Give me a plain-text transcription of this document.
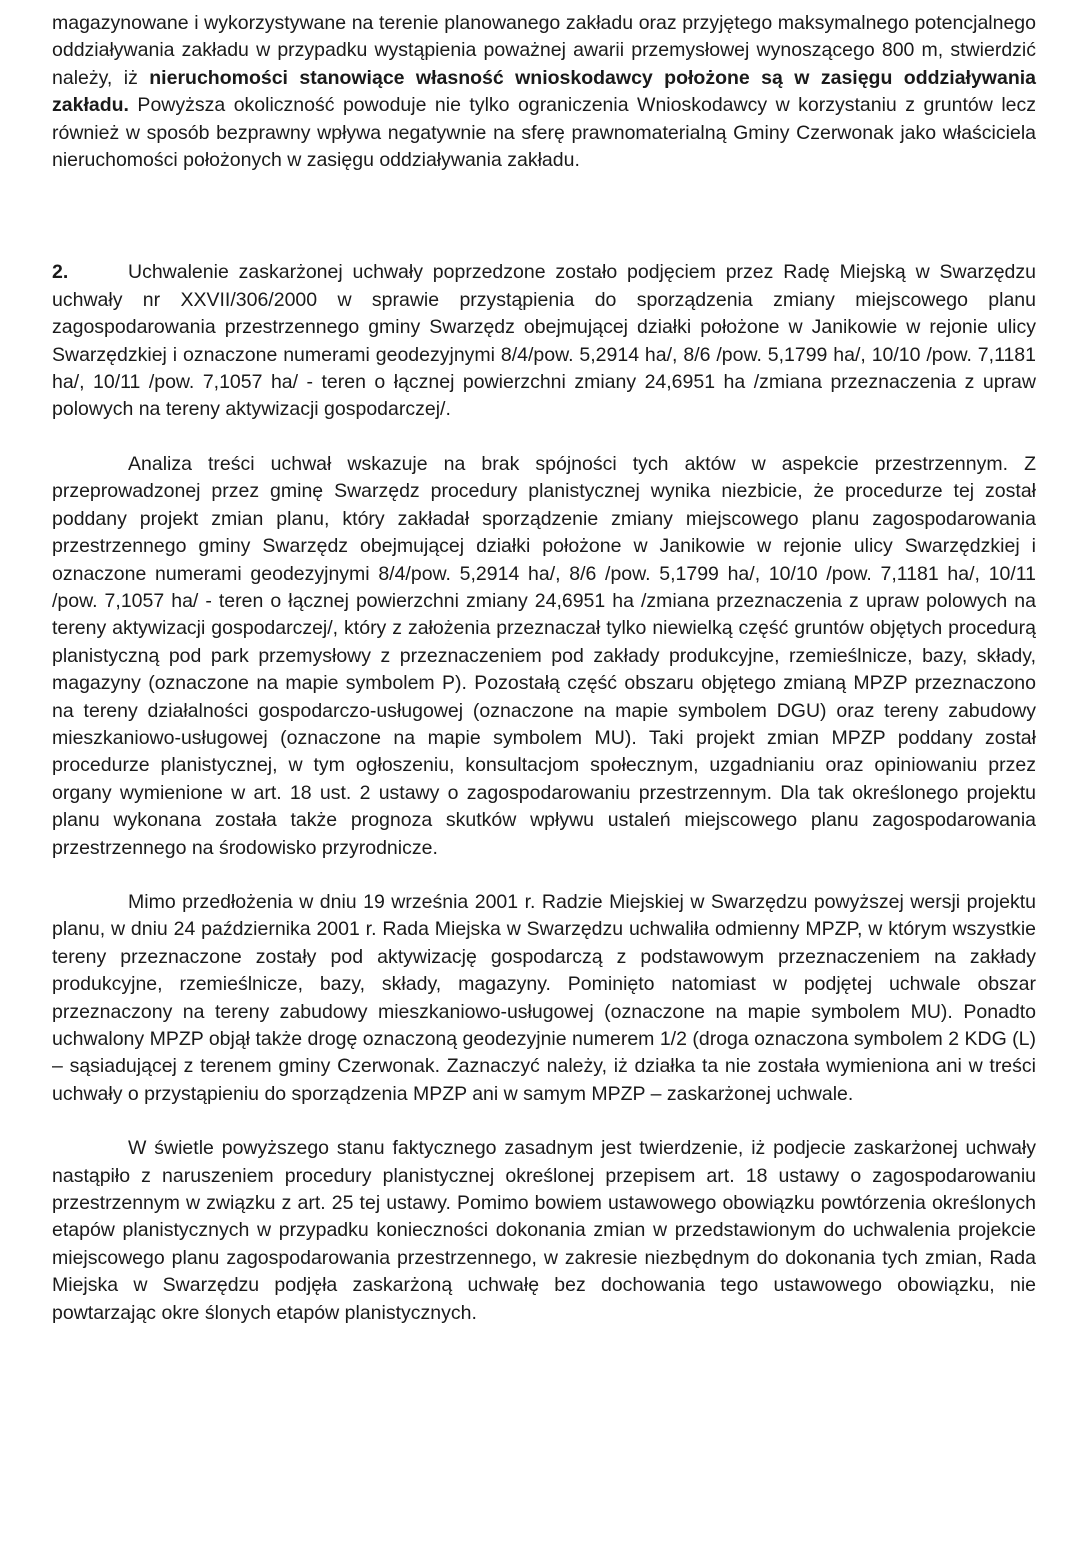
magazynowane i wykorzystywane na terenie planowanego zakładu oraz przyjętego maksymalnego potencjalnego oddziaływania zakładu w przypadku wystąpienia poważnej awarii przemysłowej wynoszącego 800 m, stwierdzić należy, iż nieruchomości stanowiące własność wnioskodawcy położone są w zasięgu oddziaływania zakładu. Powyższa okoliczność powoduje nie tylko ograniczenia Wnioskodawcy w korzystaniu z gruntów lecz również w sposób bezprawny wpływa negatywnie na sferę prawnomaterialną Gminy Czerwonak jako właściciela nieruchomości położonych w zasięgu oddziaływania zakładu.

2.	Uchwalenie zaskarżonej uchwały poprzedzone zostało podjęciem przez Radę Miejską w Swarzędzu uchwały nr XXVII/306/2000 w sprawie przystąpienia do sporządzenia zmiany miejscowego planu zagospodarowania przestrzennego gminy Swarzędz obejmującej działki położone w Janikowie w rejonie ulicy Swarzędzkiej i oznaczone numerami geodezyjnymi 8/4/pow. 5,2914 ha/, 8/6 /pow. 5,1799 ha/, 10/10 /pow. 7,1181 ha/, 10/11 /pow. 7,1057 ha/ - teren o łącznej powierzchni zmiany 24,6951 ha /zmiana przeznaczenia z upraw polowych na tereny aktywizacji gospodarczej/.

Analiza treści uchwał wskazuje na brak spójności tych aktów w aspekcie przestrzennym. Z przeprowadzonej przez gminę Swarzędz procedury planistycznej wynika niezbicie, że procedurze tej został poddany projekt zmian planu, który zakładał sporządzenie zmiany miejscowego planu zagospodarowania przestrzennego gminy Swarzędz obejmującej działki położone w Janikowie w rejonie ulicy Swarzędzkiej i oznaczone numerami geodezyjnymi 8/4/pow. 5,2914 ha/, 8/6 /pow. 5,1799 ha/, 10/10 /pow. 7,1181 ha/, 10/11 /pow. 7,1057 ha/ - teren o łącznej powierzchni zmiany 24,6951 ha /zmiana przeznaczenia z upraw polowych na tereny aktywizacji gospodarczej/, który z założenia przeznaczał tylko niewielką część gruntów objętych procedurą planistyczną pod park przemysłowy z przeznaczeniem pod zakłady produkcyjne, rzemieślnicze, bazy, składy, magazyny (oznaczone na mapie symbolem P). Pozostałą część obszaru objętego zmianą MPZP przeznaczono na tereny działalności gospodarczo-usługowej (oznaczone na mapie symbolem DGU) oraz tereny zabudowy mieszkaniowo-usługowej (oznaczone na mapie symbolem MU). Taki projekt zmian MPZP poddany został procedurze planistycznej, w tym ogłoszeniu, konsultacjom społecznym, uzgadnianiu oraz opiniowaniu przez organy wymienione w art. 18 ust. 2 ustawy o zagospodarowaniu przestrzennym. Dla tak określonego projektu planu wykonana została także prognoza skutków wpływu ustaleń miejscowego planu zagospodarowania przestrzennego na środowisko przyrodnicze.

Mimo przedłożenia w dniu 19 września 2001 r. Radzie Miejskiej w Swarzędzu powyższej wersji projektu planu, w dniu 24 października 2001 r. Rada Miejska w Swarzędzu uchwaliła odmienny MPZP, w którym wszystkie tereny przeznaczone zostały pod aktywizację gospodarczą z podstawowym przeznaczeniem na zakłady produkcyjne, rzemieślnicze, bazy, składy, magazyny. Pominięto natomiast w podjętej uchwale obszar przeznaczony na tereny zabudowy mieszkaniowo-usługowej (oznaczone na mapie symbolem MU). Ponadto uchwalony MPZP objął także drogę oznaczoną geodezyjnie numerem 1/2 (droga oznaczona symbolem 2 KDG (L) – sąsiadującej z terenem gminy Czerwonak. Zaznaczyć należy, iż działka ta nie została wymieniona ani w treści uchwały o przystąpieniu do sporządzenia MPZP ani w samym MPZP – zaskarżonej uchwale.

W świetle powyższego stanu faktycznego zasadnym jest twierdzenie, iż podjecie zaskarżonej uchwały nastąpiło z naruszeniem procedury planistycznej określonej przepisem art. 18 ustawy o zagospodarowaniu przestrzennym w związku z art. 25 tej ustawy. Pomimo bowiem ustawowego obowiązku powtórzenia określonych etapów planistycznych w przypadku konieczności dokonania zmian w przedstawionym do uchwalenia projekcie miejscowego planu zagospodarowania przestrzennego, w zakresie niezbędnym do dokonania tych zmian, Rada Miejska w Swarzędzu podjęła zaskarżoną uchwałę bez dochowania tego ustawowego obowiązku, nie powtarzając okre ślonych etapów planistycznych.
